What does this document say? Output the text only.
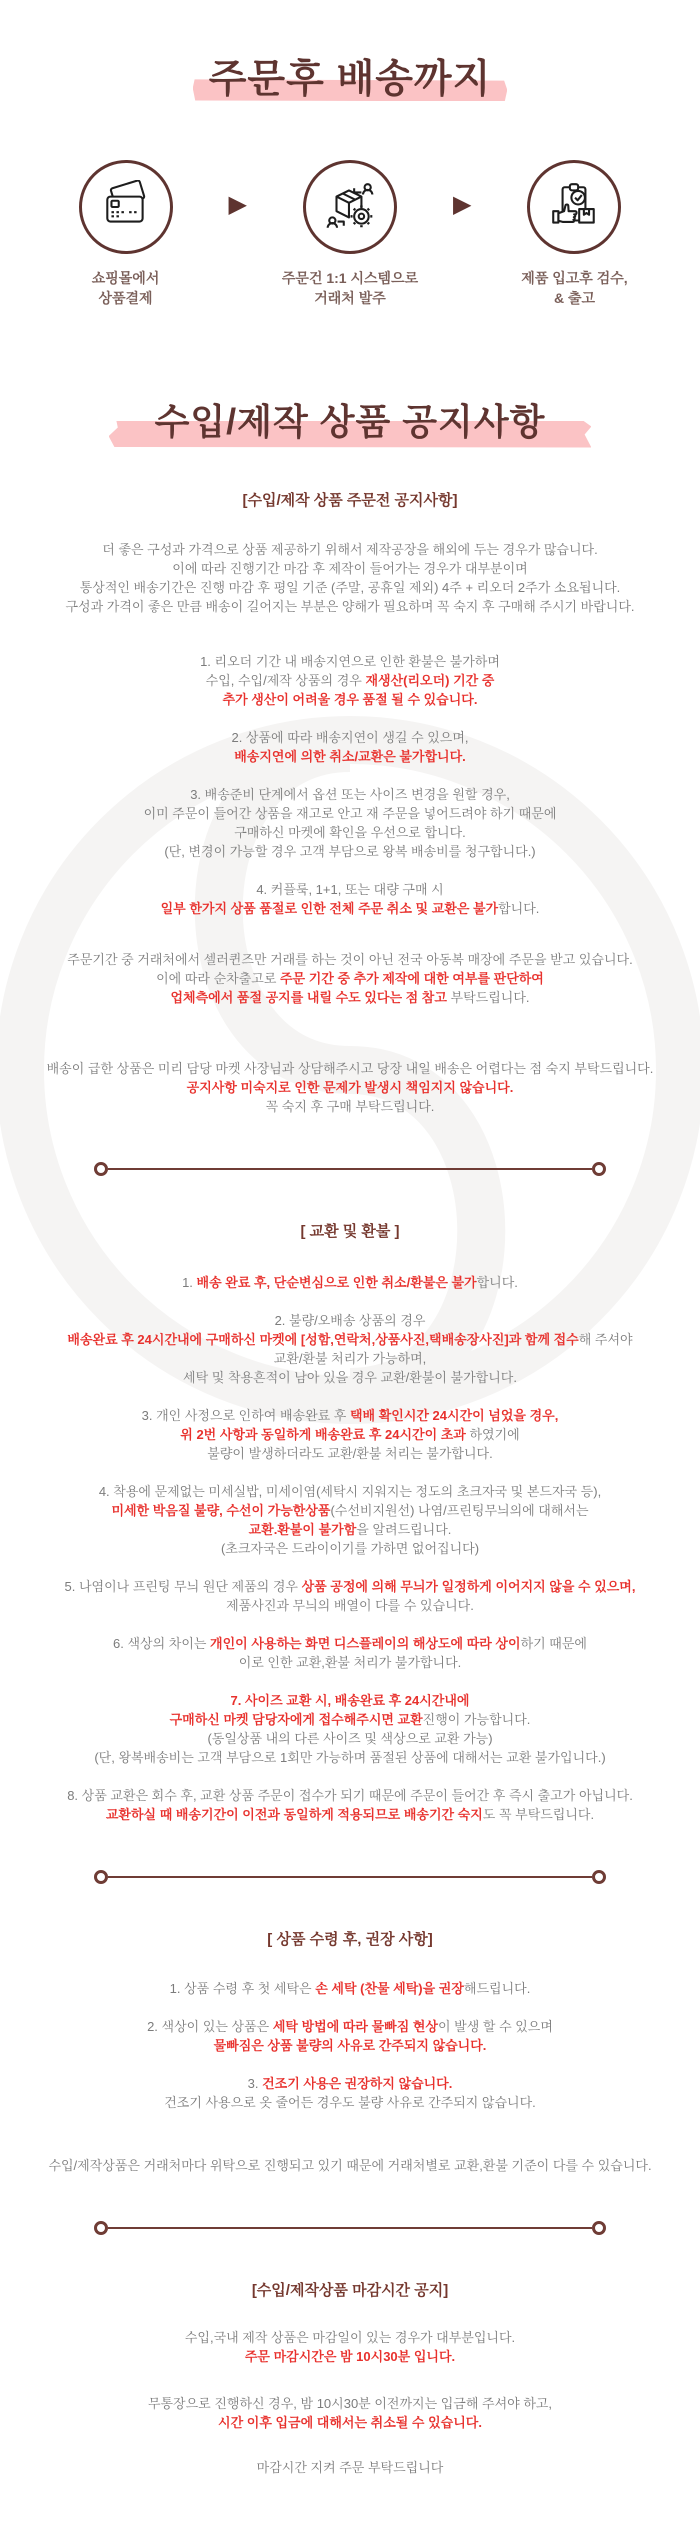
주문후 배송까지
쇼핑몰에서
상품결제
▶
주문건 1:1 시스템으로
거래처 발주
▶
제품 입고후 검수,
& 출고
수입/제작 상품 공지사항
[수입/제작 상품 주문전 공지사항]

더 좋은 구성과 가격으로 상품 제공하기 위해서 제작공장을 해외에 두는 경우가 많습니다.
이에 따라 진행기간 마감 후 제작이 들어가는 경우가 대부분이며
통상적인 배송기간은 진행 마감 후 평일 기준 (주말, 공휴일 제외) 4주 + 리오더 2주가 소요됩니다.
구성과 가격이 좋은 만큼 배송이 길어지는 부분은 양해가 필요하며 꼭 숙지 후 구매해 주시기 바랍니다.

1. 리오더 기간 내 배송지연으로 인한 환불은 불가하며
수입, 수입/제작 상품의 경우 재생산(리오더) 기간 중
추가 생산이 어려울 경우 품절 될 수 있습니다.

2. 상품에 따라 배송지연이 생길 수 있으며,
배송지연에 의한 취소/교환은 불가합니다.

3. 배송준비 단계에서 옵션 또는 사이즈 변경을 원할 경우,
이미 주문이 들어간 상품을 재고로 안고 재 주문을 넣어드려야 하기 때문에
구매하신 마켓에 확인을 우선으로 합니다.
(단, 변경이 가능할 경우 고객 부담으로 왕복 배송비를 청구합니다.)

4. 커플룩, 1+1, 또는 대량 구매 시
일부 한가지 상품 품절로 인한 전체 주문 취소 및 교환은 불가합니다.

주문기간 중 거래처에서 셀러퀸즈만 거래를 하는 것이 아닌 전국 아동복 매장에 주문을 받고 있습니다.
이에 따라 순차출고로 주문 기간 중 추가 제작에 대한 여부를 판단하여
업체측에서 품절 공지를 내릴 수도 있다는 점 참고 부탁드립니다.

배송이 급한 상품은 미리 담당 마켓 사장님과 상담해주시고 당장 내일 배송은 어렵다는 점 숙지 부탁드립니다.
공지사항 미숙지로 인한 문제가 발생시 책임지지 않습니다.
꼭 숙지 후 구매 부탁드립니다.

[ 교환 및 환불 ]

1. 배송 완료 후, 단순변심으로 인한 취소/환불은 불가합니다.

2. 불량/오배송 상품의 경우
배송완료 후 24시간내에 구매하신 마켓에 [성함,연락처,상품사진,택배송장사진]과 함께 접수해 주셔야
교환/환불 처리가 가능하며,
세탁 및 착용흔적이 남아 있을 경우 교환/환불이 불가합니다.

3. 개인 사정으로 인하여 배송완료 후 택배 확인시간 24시간이 넘었을 경우,
위 2번 사항과 동일하게 배송완료 후 24시간이 초과 하였기에
불량이 발생하더라도 교환/환불 처리는 불가합니다.

4. 착용에 문제없는 미세실밥, 미세이염(세탁시 지워지는 정도의 초크자국 및 본드자국 등),
미세한 박음질 불량, 수선이 가능한상품(수선비지원선) 나염/프린팅무늬의에 대해서는
교환.환불이 불가함을 알려드립니다.
(초크자국은 드라이이기를 가하면 없어집니다)

5. 나염이나 프린팅 무늬 원단 제품의 경우 상품 공정에 의해 무늬가 일정하게 이어지지 않을 수 있으며,
제품사진과 무늬의 배열이 다를 수 있습니다.

6. 색상의 차이는 개인이 사용하는 화면 디스플레이의 해상도에 따라 상이하기 때문에
이로 인한 교환,환불 처리가 불가합니다.

7. 사이즈 교환 시, 배송완료 후 24시간내에
구매하신 마켓 담당자에게 접수해주시면 교환진행이 가능합니다.
(동일상품 내의 다른 사이즈 및 색상으로 교환 가능)
(단, 왕복배송비는 고객 부담으로 1회만 가능하며 품절된 상품에 대해서는 교환 불가입니다.)

8. 상품 교환은 회수 후, 교환 상품 주문이 접수가 되기 때문에 주문이 들어간 후 즉시 출고가 아닙니다.
교환하실 때 배송기간이 이전과 동일하게 적용되므로 배송기간 숙지도 꼭 부탁드립니다.

[ 상품 수령 후, 권장 사항]

1. 상품 수령 후 첫 세탁은 손 세탁 (찬물 세탁)을 권장해드립니다.

2. 색상이 있는 상품은 세탁 방법에 따라 물빠짐 현상이 발생 할 수 있으며
물빠짐은 상품 불량의 사유로 간주되지 않습니다.

3. 건조기 사용은 권장하지 않습니다.
건조기 사용으로 옷 줄어든 경우도 불량 사유로 간주되지 않습니다.

수입/제작상품은 거래처마다 위탁으로 진행되고 있기 때문에 거래처별로 교환,환불 기준이 다를 수 있습니다.

[수입/제작상품 마감시간 공지]

수입,국내 제작 상품은 마감일이 있는 경우가 대부분입니다.
주문 마감시간은 밤 10시30분 입니다.

무통장으로 진행하신 경우, 밤 10시30분 이전까지는 입금해 주셔야 하고,
시간 이후 입금에 대해서는 취소될 수 있습니다.

마감시간 지켜 주문 부탁드립니다
